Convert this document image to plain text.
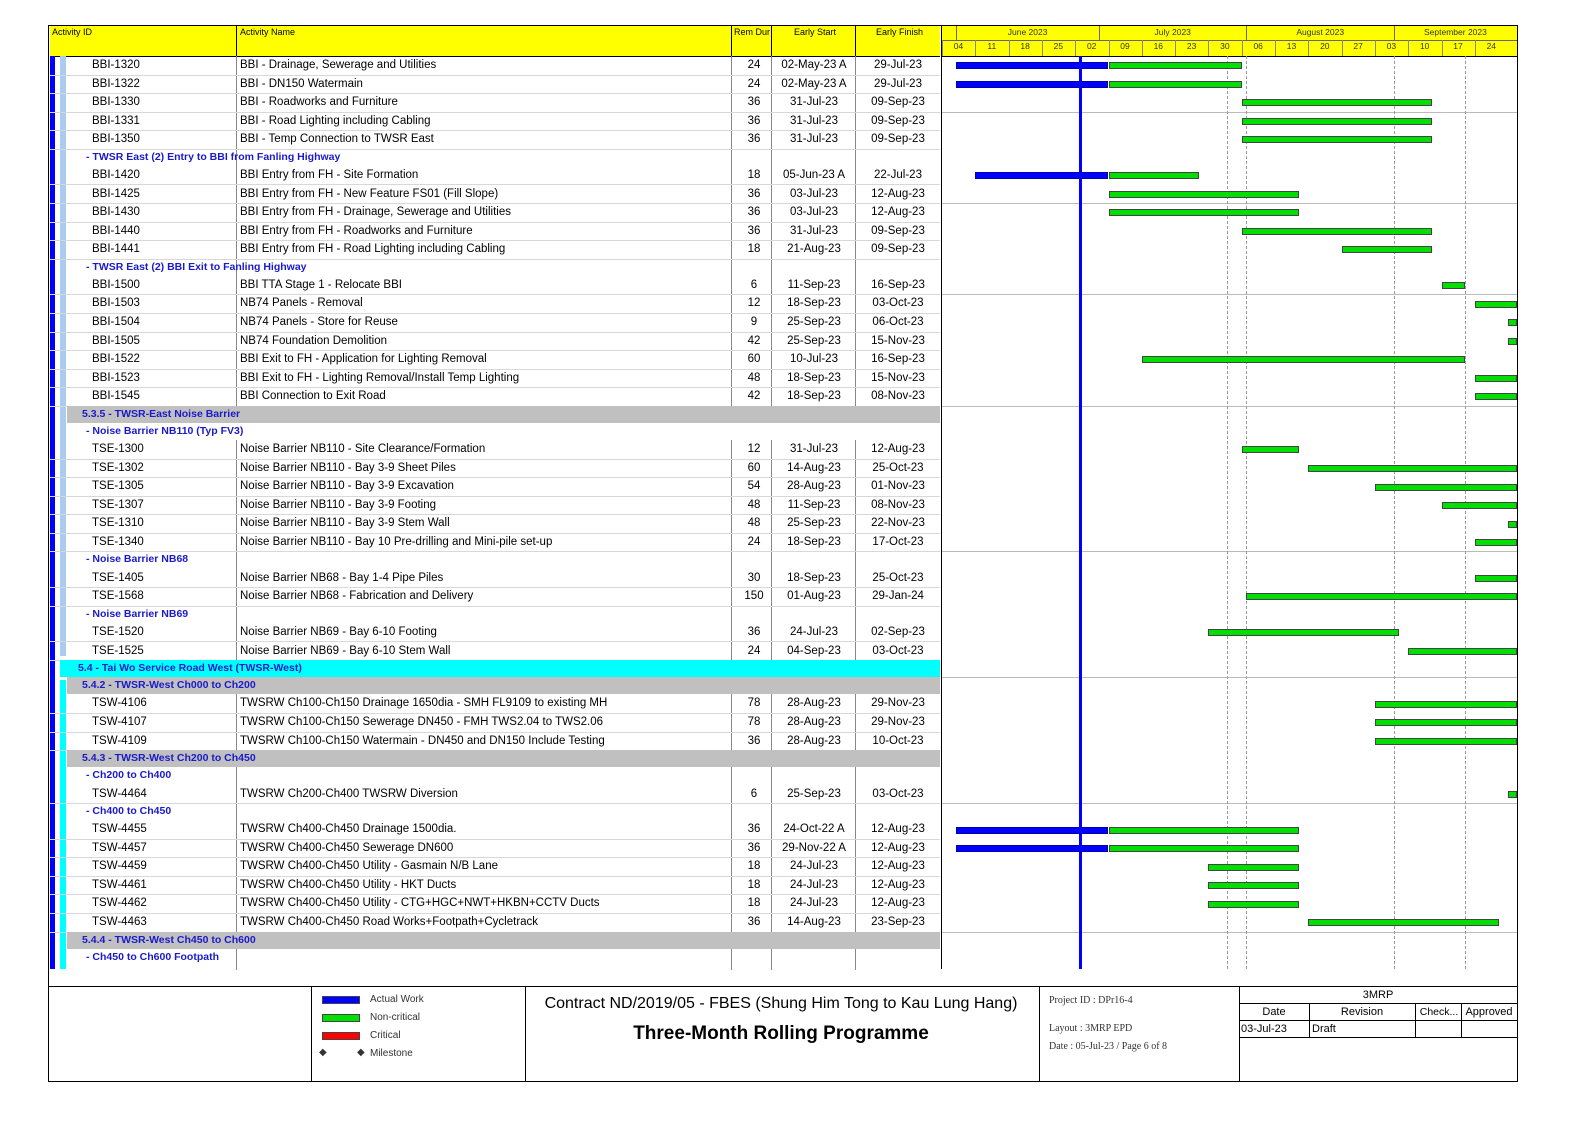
Activity ID	Activity Name	Rem Dur	Early Start	Early Finish
BBI-1320	BBI - Drainage, Sewerage and Utilities	24	02-May-23 A	29-Jul-23
BBI-1322	BBI - DN150 Watermain	24	02-May-23 A	29-Jul-23
BBI-1330	BBI - Roadworks and Furniture	36	31-Jul-23	09-Sep-23
BBI-1331	BBI - Road Lighting including Cabling	36	31-Jul-23	09-Sep-23
BBI-1350	BBI - Temp Connection to TWSR East	36	31-Jul-23	09-Sep-23
- TWSR East (2) Entry to BBI from Fanling Highway
BBI-1420	BBI Entry from FH - Site Formation	18	05-Jun-23 A	22-Jul-23
BBI-1425	BBI Entry from FH - New Feature FS01 (Fill Slope)	36	03-Jul-23	12-Aug-23
BBI-1430	BBI Entry from FH - Drainage, Sewerage and Utilities	36	03-Jul-23	12-Aug-23
BBI-1440	BBI Entry from FH - Roadworks and Furniture	36	31-Jul-23	09-Sep-23
BBI-1441	BBI Entry from FH - Road Lighting including Cabling	18	21-Aug-23	09-Sep-23
- TWSR East (2) BBI Exit to Fanling Highway
BBI-1500	BBI TTA Stage 1 - Relocate BBI	6	11-Sep-23	16-Sep-23
BBI-1503	NB74 Panels - Removal	12	18-Sep-23	03-Oct-23
BBI-1504	NB74 Panels - Store for Reuse	9	25-Sep-23	06-Oct-23
BBI-1505	NB74 Foundation Demolition	42	25-Sep-23	15-Nov-23
BBI-1522	BBI Exit to FH - Application for Lighting Removal	60	10-Jul-23	16-Sep-23
BBI-1523	BBI Exit to FH - Lighting Removal/Install Temp Lighting	48	18-Sep-23	15-Nov-23
BBI-1545	BBI Connection to Exit Road	42	18-Sep-23	08-Nov-23
5.3.5 - TWSR-East Noise Barrier
- Noise Barrier NB110 (Typ FV3)
TSE-1300	Noise Barrier NB110 - Site Clearance/Formation	12	31-Jul-23	12-Aug-23
TSE-1302	Noise Barrier NB110 - Bay 3-9 Sheet Piles	60	14-Aug-23	25-Oct-23
TSE-1305	Noise Barrier NB110 - Bay 3-9 Excavation	54	28-Aug-23	01-Nov-23
TSE-1307	Noise Barrier NB110 - Bay 3-9 Footing	48	11-Sep-23	08-Nov-23
TSE-1310	Noise Barrier NB110 - Bay 3-9 Stem Wall	48	25-Sep-23	22-Nov-23
TSE-1340	Noise Barrier NB110 - Bay 10 Pre-drilling and Mini-pile set-up	24	18-Sep-23	17-Oct-23
- Noise Barrier NB68
TSE-1405	Noise Barrier NB68 - Bay 1-4 Pipe Piles	30	18-Sep-23	25-Oct-23
TSE-1568	Noise Barrier NB68 - Fabrication and Delivery	150	01-Aug-23	29-Jan-24
- Noise Barrier NB69
TSE-1520	Noise Barrier NB69 - Bay 6-10 Footing	36	24-Jul-23	02-Sep-23
TSE-1525	Noise Barrier NB69 - Bay 6-10 Stem Wall	24	04-Sep-23	03-Oct-23
5.4 - Tai Wo Service Road West (TWSR-West)
5.4.2 - TWSR-West Ch000 to Ch200
TSW-4106	TWSRW Ch100-Ch150 Drainage 1650dia - SMH FL9109 to existing MH	78	28-Aug-23	29-Nov-23
TSW-4107	TWSRW Ch100-Ch150 Sewerage DN450 - FMH TWS2.04 to TWS2.06	78	28-Aug-23	29-Nov-23
TSW-4109	TWSRW Ch100-Ch150 Watermain - DN450 and DN150 Include Testing	36	28-Aug-23	10-Oct-23
5.4.3 - TWSR-West Ch200 to Ch450
- Ch200 to Ch400
TSW-4464	TWSRW Ch200-Ch400 TWSRW Diversion	6	25-Sep-23	03-Oct-23
- Ch400 to Ch450
TSW-4455	TWSRW Ch400-Ch450 Drainage 1500dia.	36	24-Oct-22 A	12-Aug-23
TSW-4457	TWSRW Ch400-Ch450 Sewerage DN600	36	29-Nov-22 A	12-Aug-23
TSW-4459	TWSRW Ch400-Ch450 Utility - Gasmain N/B Lane	18	24-Jul-23	12-Aug-23
TSW-4461	TWSRW Ch400-Ch450 Utility - HKT Ducts	18	24-Jul-23	12-Aug-23
TSW-4462	TWSRW Ch400-Ch450 Utility - CTG+HGC+NWT+HKBN+CCTV Ducts	18	24-Jul-23	12-Aug-23
TSW-4463	TWSRW Ch400-Ch450 Road Works+Footpath+Cycletrack	36	14-Aug-23	23-Sep-23
5.4.4 - TWSR-West Ch450 to Ch600
- Ch450 to Ch600 Footpath
June 2023	July 2023	August 2023	September 2023
04	11	18	25	02	09	16	23	30	06	13	20	27	03	10	17	24
Actual Work
Non-critical
Critical
◆	◆ Milestone
Contract ND/2019/05 - FBES (Shung Him Tong to Kau Lung Hang)
Three-Month Rolling Programme
Project ID : DPr16-4
Layout : 3MRP EPD
Date : 05-Jul-23 / Page 6 of 8
3MRP
Date	Revision	Check... Approved
03-Jul-23 Draft
